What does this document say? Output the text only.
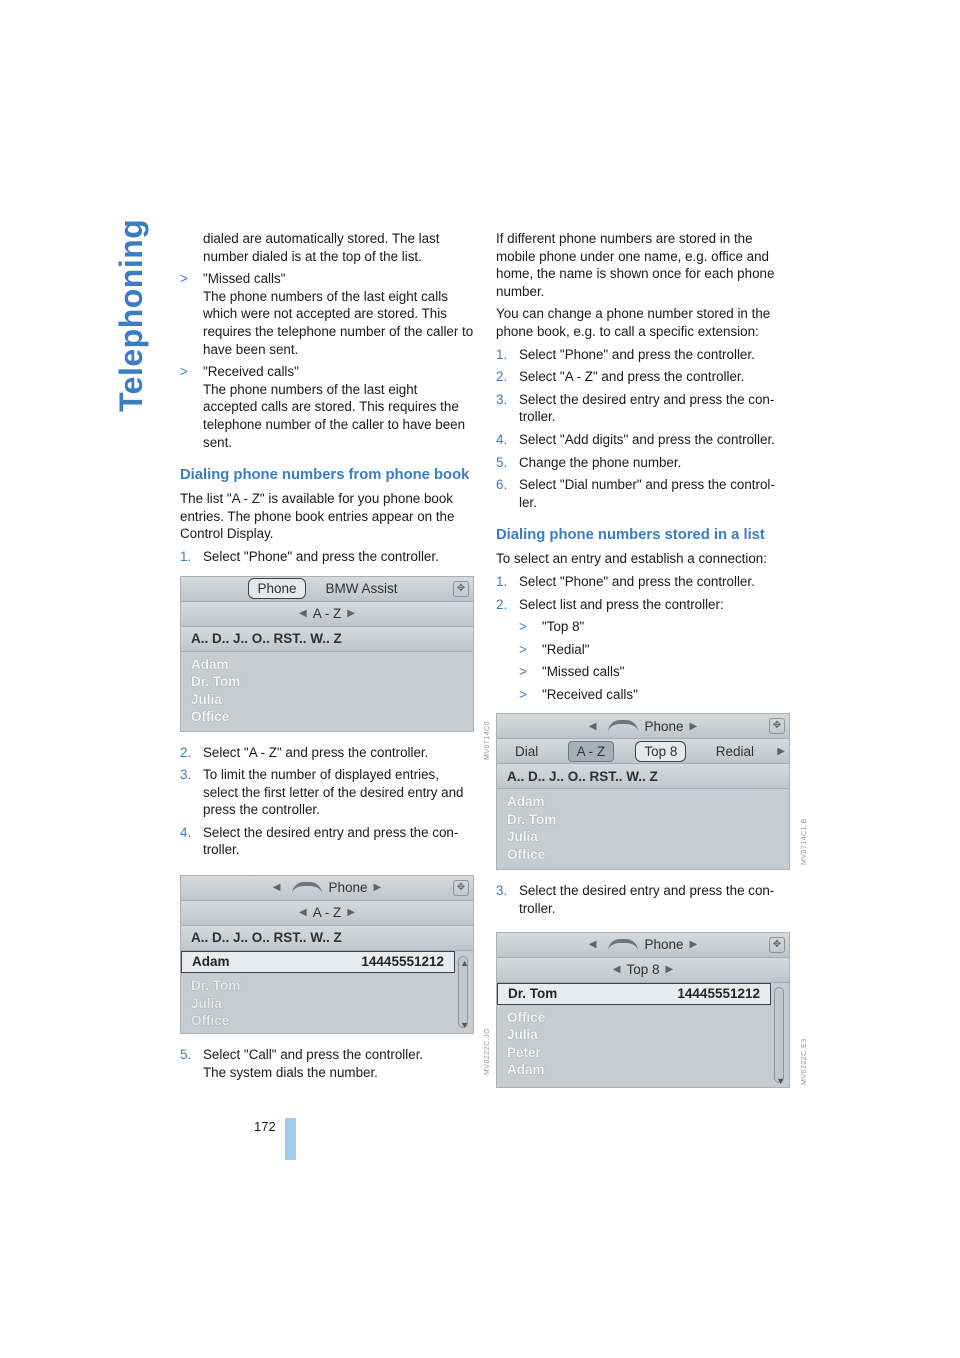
Telephoning
172

dialed are automatically stored. The last number dialed is at the top of the list.

>	"Missed calls"
The phone numbers of the last eight calls which were not accepted are stored. This requires the telephone number of the caller to have been sent.
>	"Received calls"
The phone numbers of the last eight accepted calls are stored. This requires the telephone number of the caller to have been sent.
Dialing phone numbers from phone book

The list "A - Z" is available for you phone book entries. The phone book entries appear on the Control Display.

1. Select "Phone" and press the controller.
Phone	BMW Assist	✥
◀ A - Z ▶
A.. D.. J.. O.. RST.. W.. Z
Adam
Dr. Tom
Julia
Office
MV0714C0
2. Select "A - Z" and press the controller.
3. To limit the number of displayed entries, select the first letter of the desired entry and press the controller.
4. Select the desired entry and press the con-troller.
◀	Phone ▶	✥
◀ A - Z ▶
A.. D.. J.. O.. RST.. W.. Z
Adam	14445551212
Dr. Tom
Julia
Office
▲
▼
MV0222C.JO
5. Select "Call" and press the controller.
The system dials the number.

If different phone numbers are stored in the mobile phone under one name, e.g. office and home, the name is shown once for each phone number.

You can change a phone number stored in the phone book, e.g. to call a specific extension:

1. Select "Phone" and press the controller.
2. Select "A - Z" and press the controller.
3. Select the desired entry and press the con-troller.
4. Select "Add digits" and press the controller.
5. Change the phone number.
6. Select "Dial number" and press the control-ler.
Dialing phone numbers stored in a list

To select an entry and establish a connection:

1. Select "Phone" and press the controller.
2. Select list and press the controller:
>	"Top 8"
>	"Redial"
>	"Missed calls"
>	"Received calls"
◀	Phone ▶	✥
Dial	A - Z	Top 8	Redial	▶
A.. D.. J.. O.. RST.. W.. Z
Adam
Dr. Tom
Julia
Office	MV0714C1.B
3. Select the desired entry and press the con-troller.
◀	Phone ▶	✥
◀ Top 8 ▶
Dr. Tom	14445551212
Office
Julia
Peter
Adam
▼	MV0222C.E3
